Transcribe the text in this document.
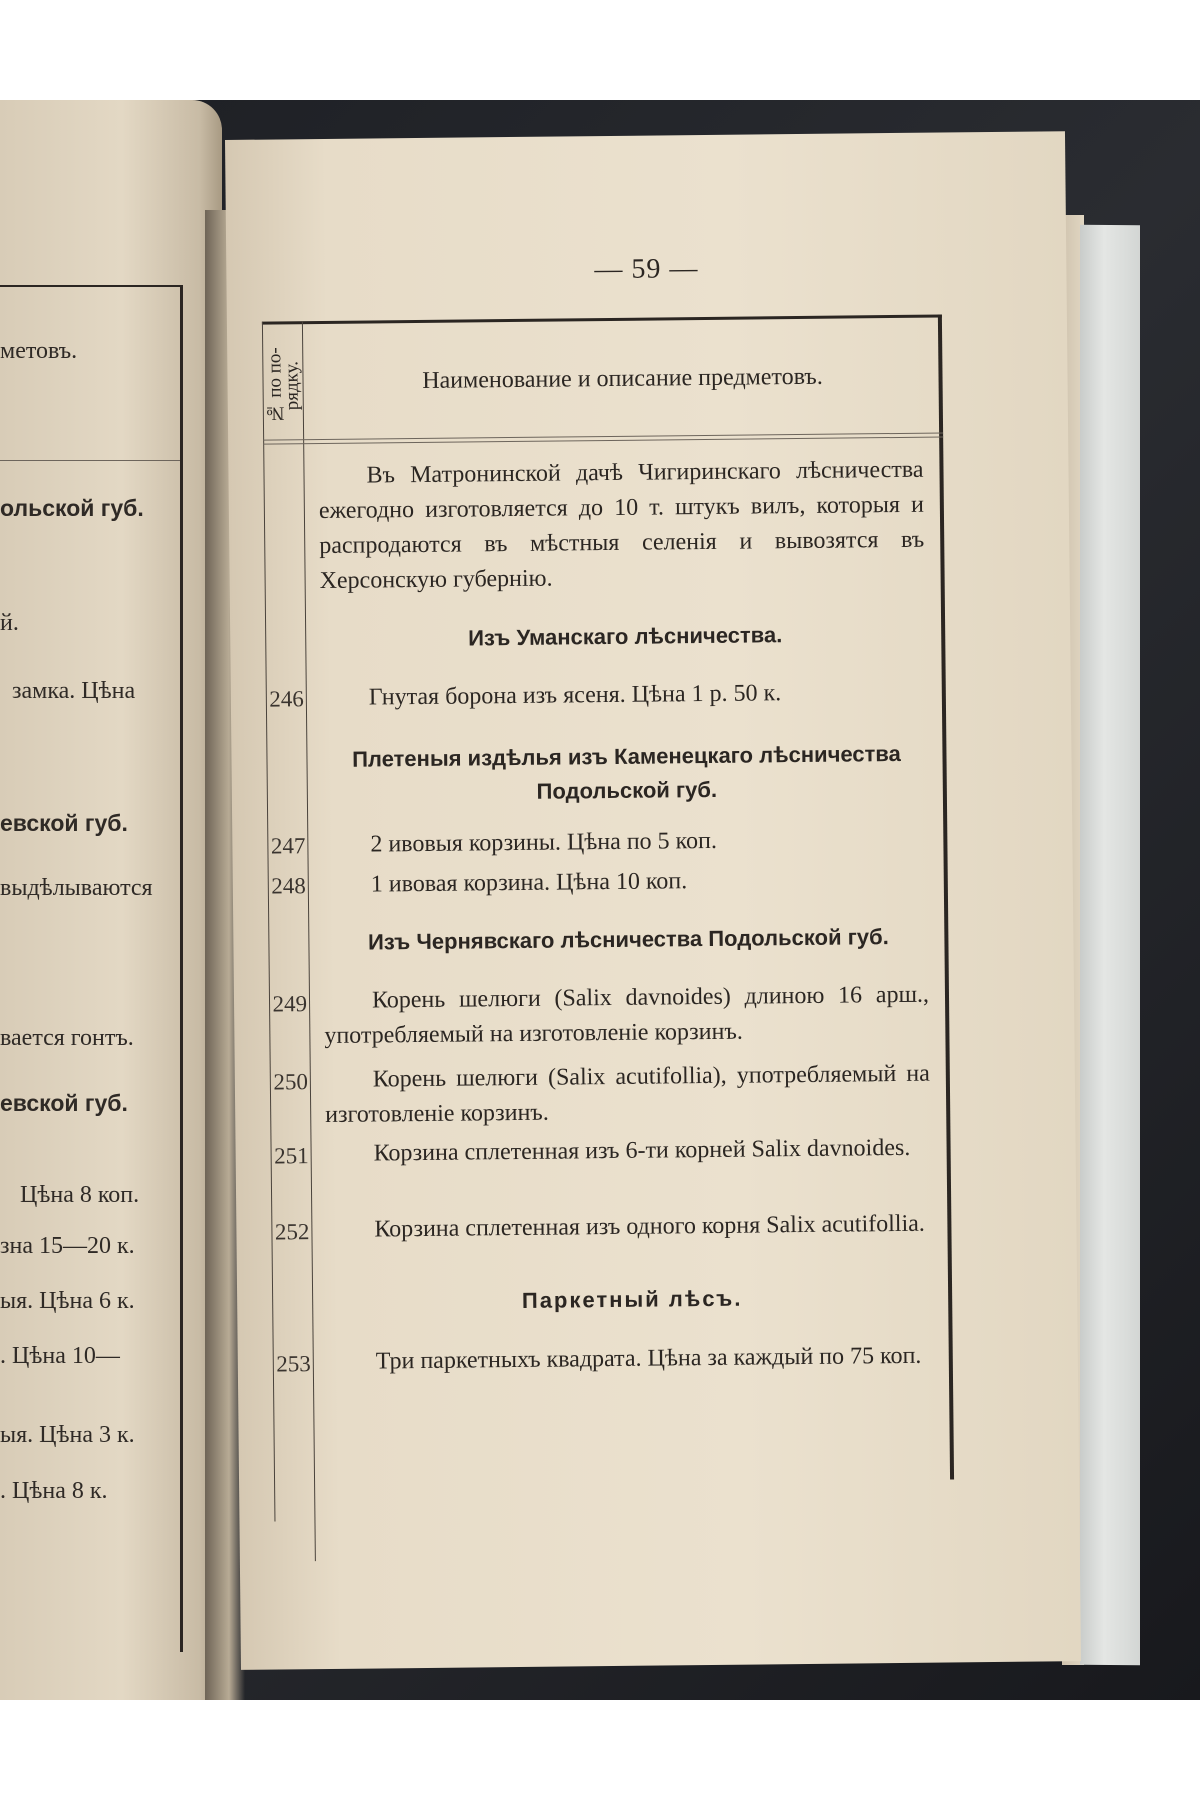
метовъ.
ольской губ.
й.
замка. Цѣна
евской губ.
выдѣлываются
вается гонтъ.
евской губ.
Цѣна 8 коп.
зна 15—20 к.
ыя. Цѣна 6 к.
. Цѣна 10—
ыя. Цѣна 3 к.
. Цѣна 8 к.
— 59 —
№ по по-рядку.	Наименование и описание предметовъ.
Въ Матронинской дачѣ Чигиринскаго лѣсничества ежегодно изготовляется до 10 т. штукъ вилъ, которыя и распродаются въ мѣстныя селенія и вывозятся въ Херсонскую губернію.
Изъ Уманскаго лѣсничества.
246	Гнутая борона изъ ясеня. Цѣна 1 р. 50 к.
Плетеныя издѣлья изъ Каменецкаго лѣсничества
Подольской губ.
247	2 ивовыя корзины. Цѣна по 5 коп.
248	1 ивовая корзина. Цѣна 10 коп.
Изъ Чернявскаго лѣсничества Подольской губ.
249	Корень шелюги (Salix davnoides) длиною 16 арш., употребляемый на изготовленіе корзинъ.
250	Корень шелюги (Salix acutifollia), употребляемый на изготовленіе корзинъ.
251	Корзина сплетенная изъ 6-ти корней Salix davnoides.
252	Корзина сплетенная изъ одного корня Salix acutifollia.
Паркетный лѣсъ.
253	Три паркетныхъ квадрата. Цѣна за каждый по 75 коп.
